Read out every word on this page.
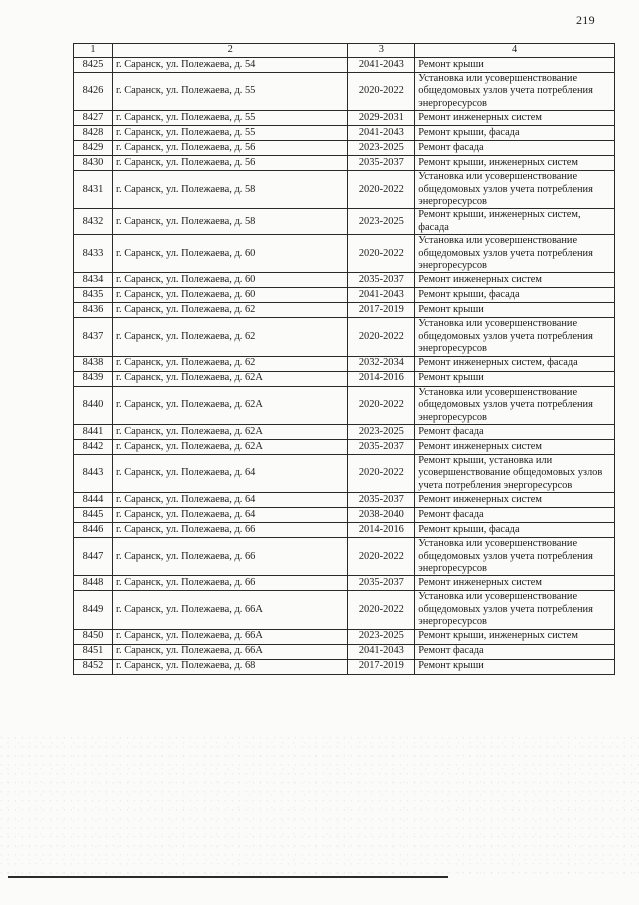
219
1	2	3	4
8425	г. Саранск, ул. Полежаева, д. 54	2041-2043	Ремонт крыши
8426	г. Саранск, ул. Полежаева, д. 55	2020-2022	Установка или усовершенствование общедомовых узлов учета потребления энергоресурсов
8427	г. Саранск, ул. Полежаева, д. 55	2029-2031	Ремонт инженерных систем
8428	г. Саранск, ул. Полежаева, д. 55	2041-2043	Ремонт крыши, фасада
8429	г. Саранск, ул. Полежаева, д. 56	2023-2025	Ремонт фасада
8430	г. Саранск, ул. Полежаева, д. 56	2035-2037	Ремонт крыши, инженерных систем
8431	г. Саранск, ул. Полежаева, д. 58	2020-2022	Установка или усовершенствование общедомовых узлов учета потребления энергоресурсов
8432	г. Саранск, ул. Полежаева, д. 58	2023-2025	Ремонт крыши, инженерных систем, фасада
8433	г. Саранск, ул. Полежаева, д. 60	2020-2022	Установка или усовершенствование общедомовых узлов учета потребления энергоресурсов
8434	г. Саранск, ул. Полежаева, д. 60	2035-2037	Ремонт инженерных систем
8435	г. Саранск, ул. Полежаева, д. 60	2041-2043	Ремонт крыши, фасада
8436	г. Саранск, ул. Полежаева, д. 62	2017-2019	Ремонт крыши
8437	г. Саранск, ул. Полежаева, д. 62	2020-2022	Установка или усовершенствование общедомовых узлов учета потребления энергоресурсов
8438	г. Саранск, ул. Полежаева, д. 62	2032-2034	Ремонт инженерных систем, фасада
8439	г. Саранск, ул. Полежаева, д. 62А	2014-2016	Ремонт крыши
8440	г. Саранск, ул. Полежаева, д. 62А	2020-2022	Установка или усовершенствование общедомовых узлов учета потребления энергоресурсов
8441	г. Саранск, ул. Полежаева, д. 62А	2023-2025	Ремонт фасада
8442	г. Саранск, ул. Полежаева, д. 62А	2035-2037	Ремонт инженерных систем
8443	г. Саранск, ул. Полежаева, д. 64	2020-2022	Ремонт крыши, установка или усовершенствование общедомовых узлов учета потребления энергоресурсов
8444	г. Саранск, ул. Полежаева, д. 64	2035-2037	Ремонт инженерных систем
8445	г. Саранск, ул. Полежаева, д. 64	2038-2040	Ремонт фасада
8446	г. Саранск, ул. Полежаева, д. 66	2014-2016	Ремонт крыши, фасада
8447	г. Саранск, ул. Полежаева, д. 66	2020-2022	Установка или усовершенствование общедомовых узлов учета потребления энергоресурсов
8448	г. Саранск, ул. Полежаева, д. 66	2035-2037	Ремонт инженерных систем
8449	г. Саранск, ул. Полежаева, д. 66А	2020-2022	Установка или усовершенствование общедомовых узлов учета потребления энергоресурсов
8450	г. Саранск, ул. Полежаева, д. 66А	2023-2025	Ремонт крыши, инженерных систем
8451	г. Саранск, ул. Полежаева, д. 66А	2041-2043	Ремонт фасада
8452	г. Саранск, ул. Полежаева, д. 68	2017-2019	Ремонт крыши
